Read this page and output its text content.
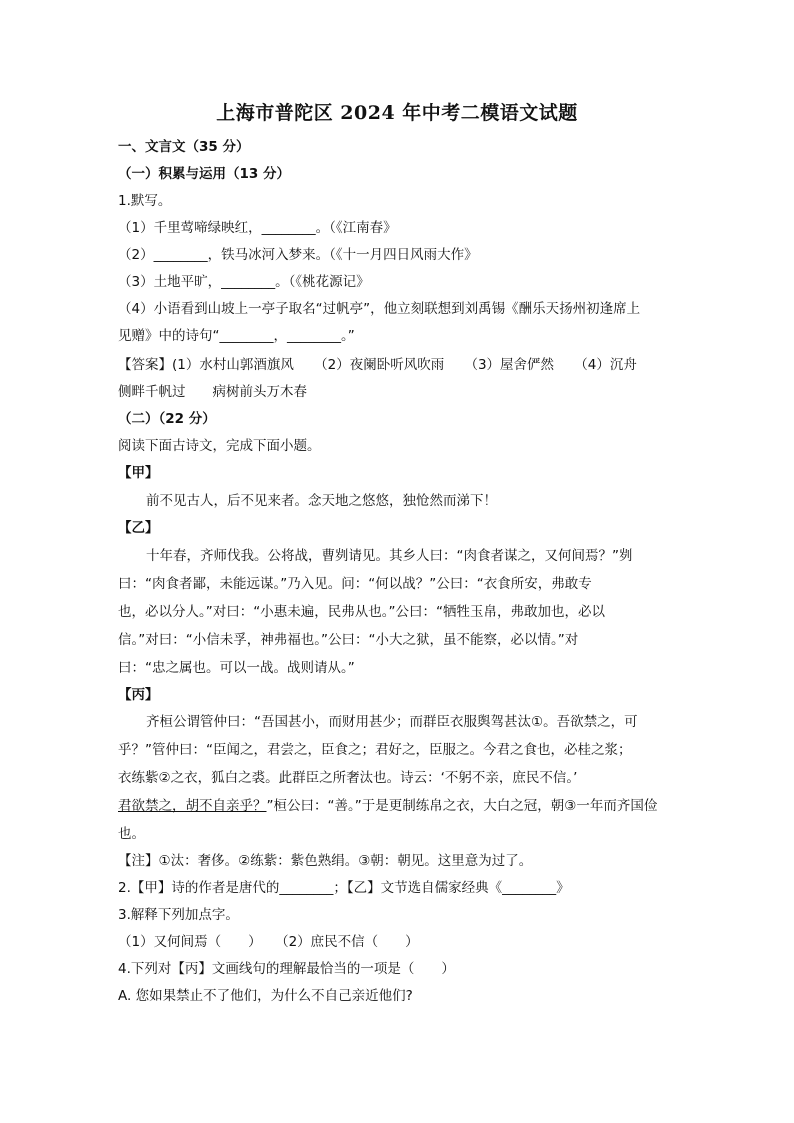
上海市普陀区 2024 年中考二模语文试题
一、文言文（35 分）
（一）积累与运用（13 分）
1.默写。
（1）千里莺啼绿映红，________。（《江南春》
（2）________，铁马冰河入梦来。（《十一月四日风雨大作》
（3）土地平旷，________。（《桃花源记》
（4）小语看到山坡上一亭子取名“过帆亭”，他立刻联想到刘禹锡《酬乐天扬州初逢席上
见赠》中的诗句“________，________。”
【答案】(1）水村山郭酒旗风　　（2）夜阑卧听风吹雨　　（3）屋舍俨然　　（4）沉舟
侧畔千帆过　　病树前头万木春
（二）（22 分）
阅读下面古诗文，完成下面小题。
【甲】
前不见古人，后不见来者。念天地之悠悠，独怆然而涕下！
【乙】
十年春，齐师伐我。公将战，曹刿请见。其乡人曰：“肉食者谋之，又何间焉？”刿
曰：“肉食者鄙，未能远谋。”乃入见。问：“何以战？”公曰：“衣食所安，弗敢专
也，必以分人。”对曰：“小惠未遍，民弗从也。”公曰：“牺牲玉帛，弗敢加也，必以
信。”对曰：“小信未孚，神弗福也。”公曰：“小大之狱，虽不能察，必以情。”对
曰：“忠之属也。可以一战。战则请从。”
【丙】
齐桓公谓管仲曰：“吾国甚小，而财用甚少；而群臣衣服舆驾甚汰①。吾欲禁之，可
乎？”管仲曰：“臣闻之，君尝之，臣食之；君好之，臣服之。今君之食也，必桂之浆；
衣练紫②之衣，狐白之裘。此群臣之所奢汰也。诗云：‘不躬不亲，庶民不信。’
君欲禁之，胡不自亲乎？”桓公曰：“善。”于是更制练帛之衣，大白之冠，朝③一年而齐国俭
也。
【注】①汰：奢侈。②练紫：紫色熟绢。③朝：朝见。这里意为过了。
2.【甲】诗的作者是唐代的________；【乙】文节选自儒家经典《________》
3.解释下列加点字。
（1）又何间焉（　　）　　（2）庶民不信（　　）
4.下列对【丙】文画线句的理解最恰当的一项是（　　）
A. 您如果禁止不了他们，为什么不自己亲近他们?
